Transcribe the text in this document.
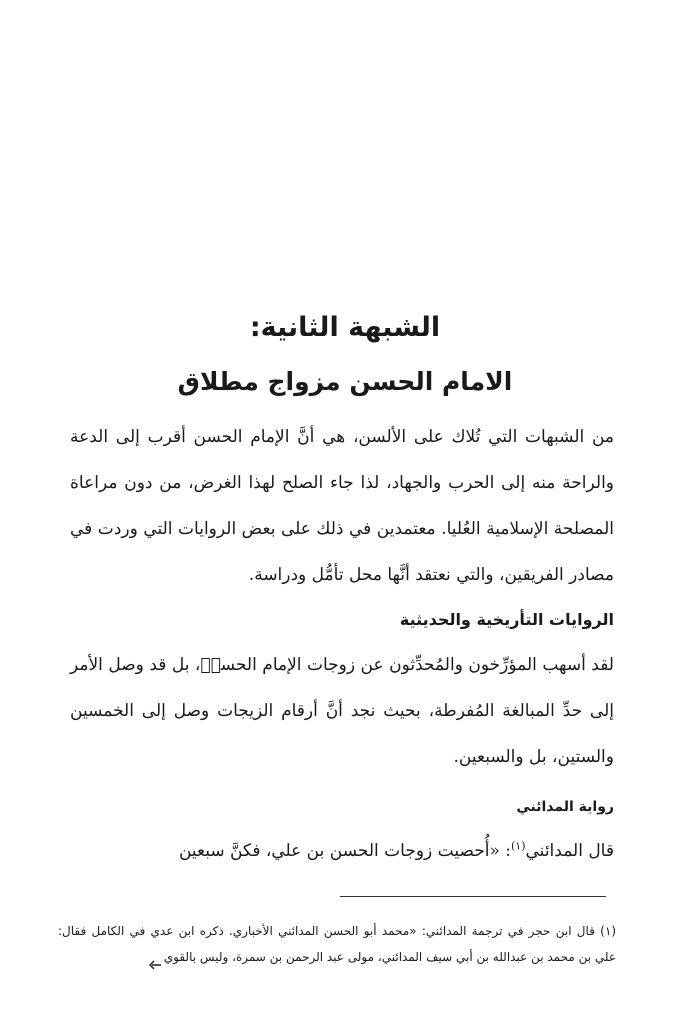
الشبهة الثانية:
الامام الحسن مزواج مطلاق

من الشبهات التي تُلاك على الألسن، هي أنَّ الإمام الحسن أقرب إلى الدعة والراحة منه إلى الحرب والجهاد، لذا جاء الصلح لهذا الغرض، من دون مراعاة المصلحة الإسلامية العُليا. معتمدين في ذلك على بعض الروايات التي وردت في مصادر الفريقين، والتي نعتقد أنَّها محل تأمُّل ودراسة.

الروايات التأريخية والحديثية

لقد أسهب المؤرِّخون والمُحدِّثون عن زوجات الإمام الحسنؑ، بل قد وصل الأمر إلى حدِّ المبالغة المُفرطة، بحيث نجد أنَّ أرقام الزيجات وصل إلى الخمسين والستين، بل والسبعين.

رواية المدائني

قال المدائني$^{(١)}$: «أُحصيت زوجات الحسن بن علي، فكنَّ سبعين

(١) قال ابن حجر في ترجمة المدائني: «محمد أبو الحسن المدائني الأخباري. ذكره ابن عدي في الكامل فقال: علي بن محمد بن عبدالله بن أبي سيف المدائني، مولى عبد الرحمن بن سمرة، وليس بالقوي
